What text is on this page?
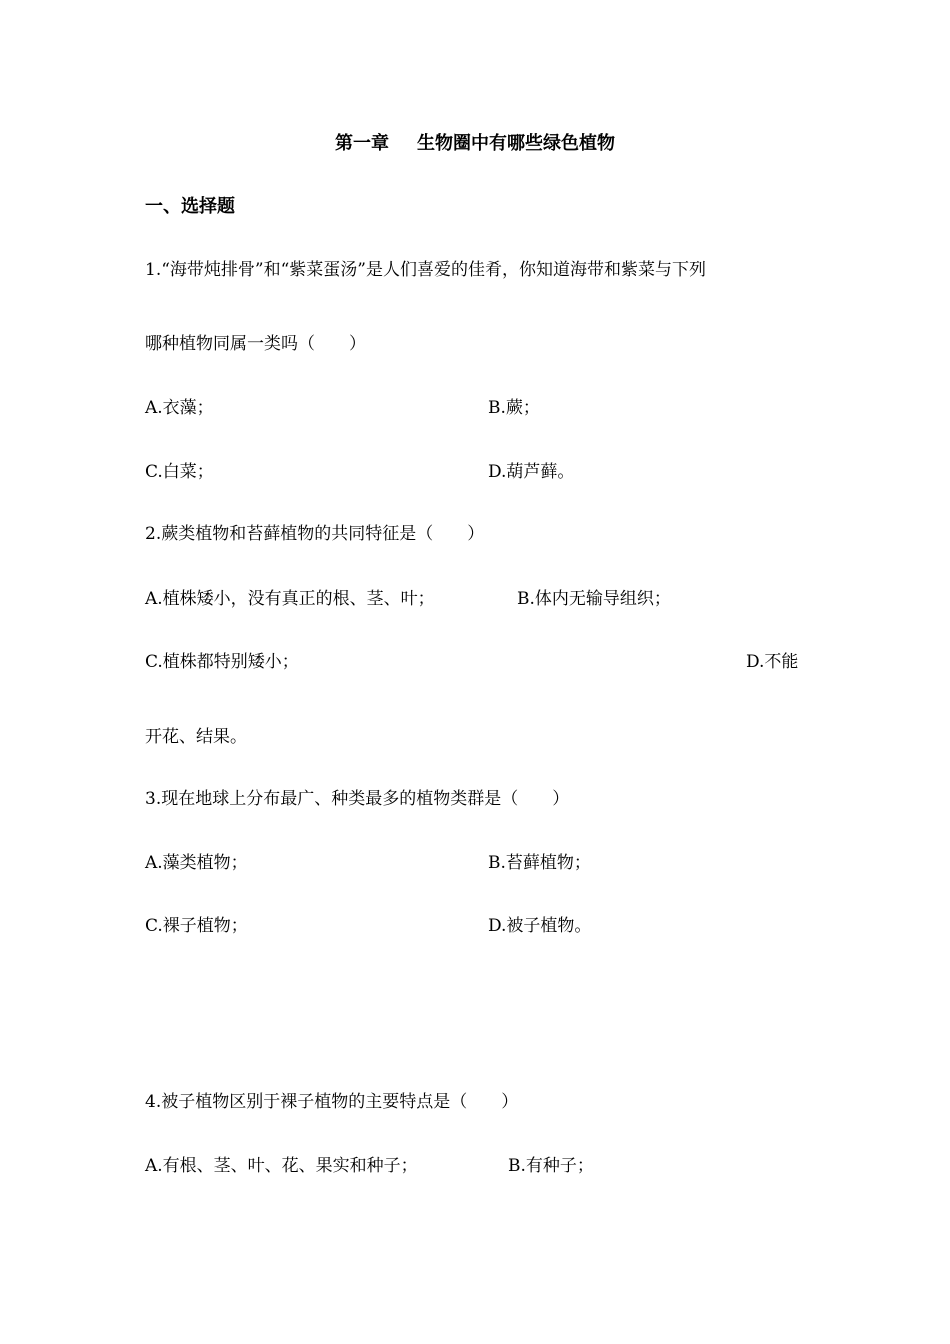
第一章 生物圈中有哪些绿色植物
一、选择题
1.“海带炖排骨”和“紫菜蛋汤”是人们喜爱的佳肴，你知道海带和紫菜与下列
哪种植物同属一类吗（　　）
A.衣藻；	B.蕨；
C.白菜；	D.葫芦藓。
2.蕨类植物和苔藓植物的共同特征是（　　）
A.植株矮小，没有真正的根、茎、叶；	B.体内无输导组织；
C.植株都特别矮小；	D.不能
开花、结果。
3.现在地球上分布最广、种类最多的植物类群是（　　）
A.藻类植物；	B.苔藓植物；
C.裸子植物；	D.被子植物。
4.被子植物区别于裸子植物的主要特点是（　　）
A.有根、茎、叶、花、果实和种子；	B.有种子；
